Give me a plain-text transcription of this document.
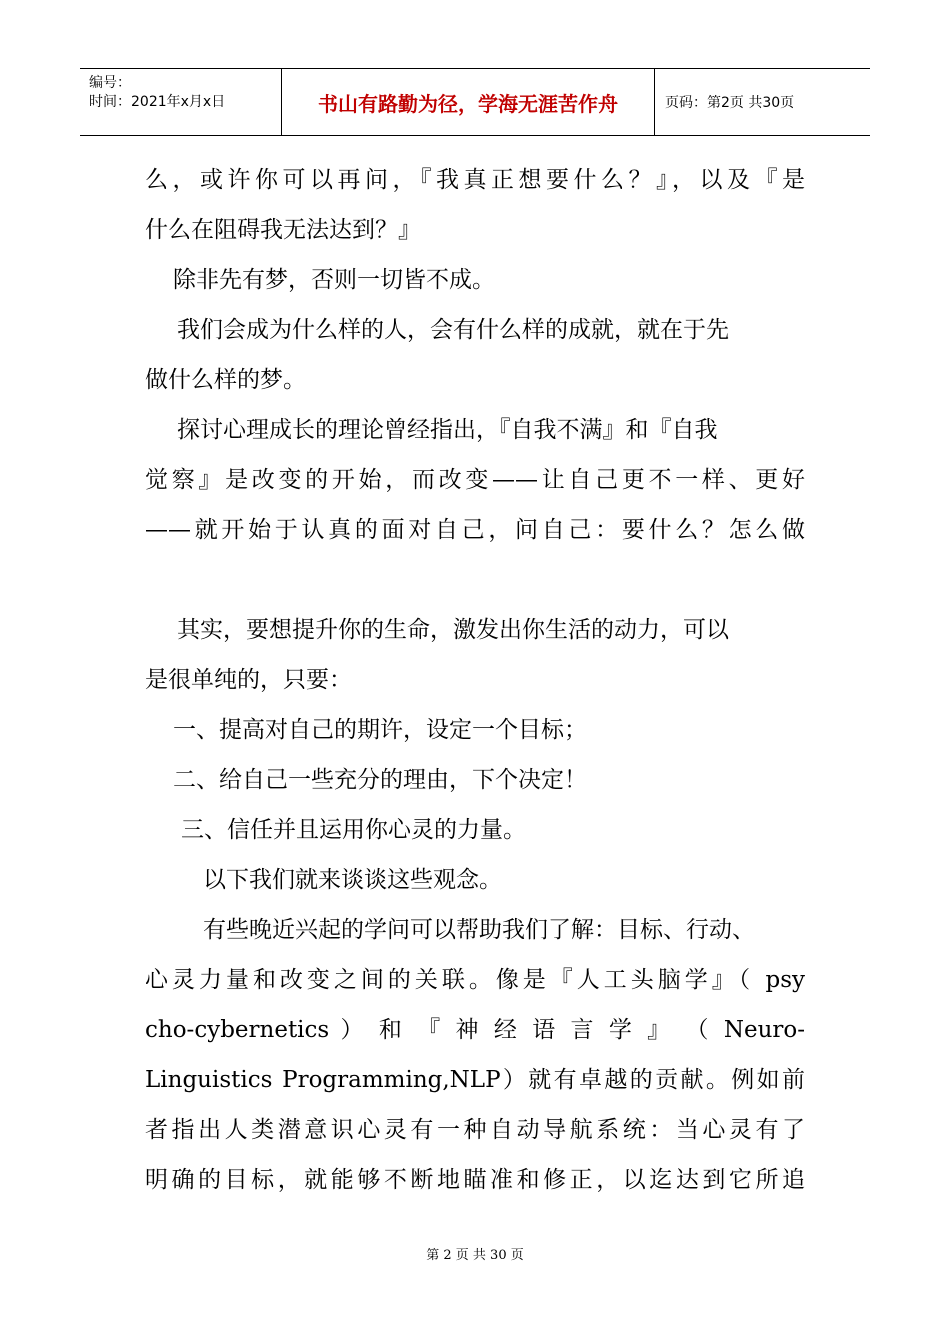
编号：
时间：2021年x月x日	书山有路勤为径，学海无涯苦作舟	页码：第2页 共30页
么，或许你可以再问，『我真正想要什么？』，以及『是
什么在阻碍我无法达到？』
除非先有梦，否则一切皆不成。
我们会成为什么样的人，会有什么样的成就，就在于先
做什么样的梦。
探讨心理成长的理论曾经指出，『自我不满』和『自我
觉察』是改变的开始，而改变——让自己更不一样、更好
——就开始于认真的面对自己，问自己：要什么？怎么做
其实，要想提升你的生命，激发出你生活的动力，可以
是很单纯的，只要：
一、提高对自己的期许，设定一个目标；
二、给自己一些充分的理由，下个决定！
三、信任并且运用你心灵的力量。
以下我们就来谈谈这些观念。
有些晚近兴起的学问可以帮助我们了解：目标、行动、
心灵力量和改变之间的关联。像是『人工头脑学』（ psy
cho-cybernetics ） 和 『 神 经 语 言 学 』 （ Neuro-
Linguistics Programming,NLP）就有卓越的贡献。例如前
者指出人类潜意识心灵有一种自动导航系统：当心灵有了
明确的目标，就能够不断地瞄准和修正，以迄达到它所追
第 2 页 共 30 页
